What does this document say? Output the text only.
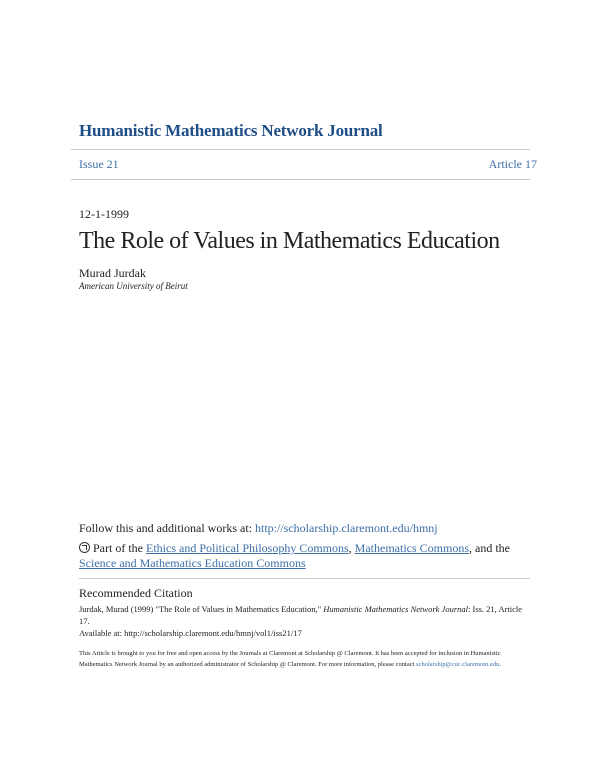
Humanistic Mathematics Network Journal
Issue 21	Article 17
12-1-1999
The Role of Values in Mathematics Education
Murad Jurdak
American University of Beirut
Follow this and additional works at: http://scholarship.claremont.edu/hmnj
Part of the Ethics and Political Philosophy Commons, Mathematics Commons, and the Science and Mathematics Education Commons
Recommended Citation
Jurdak, Murad (1999) "The Role of Values in Mathematics Education," Humanistic Mathematics Network Journal: Iss. 21, Article 17.
Available at: http://scholarship.claremont.edu/hmnj/vol1/iss21/17
This Article is brought to you for free and open access by the Journals at Claremont at Scholarship @ Claremont. It has been accepted for inclusion in Humanistic Mathematics Network Journal by an authorized administrator of Scholarship @ Claremont. For more information, please contact scholarship@cuc.claremont.edu.
